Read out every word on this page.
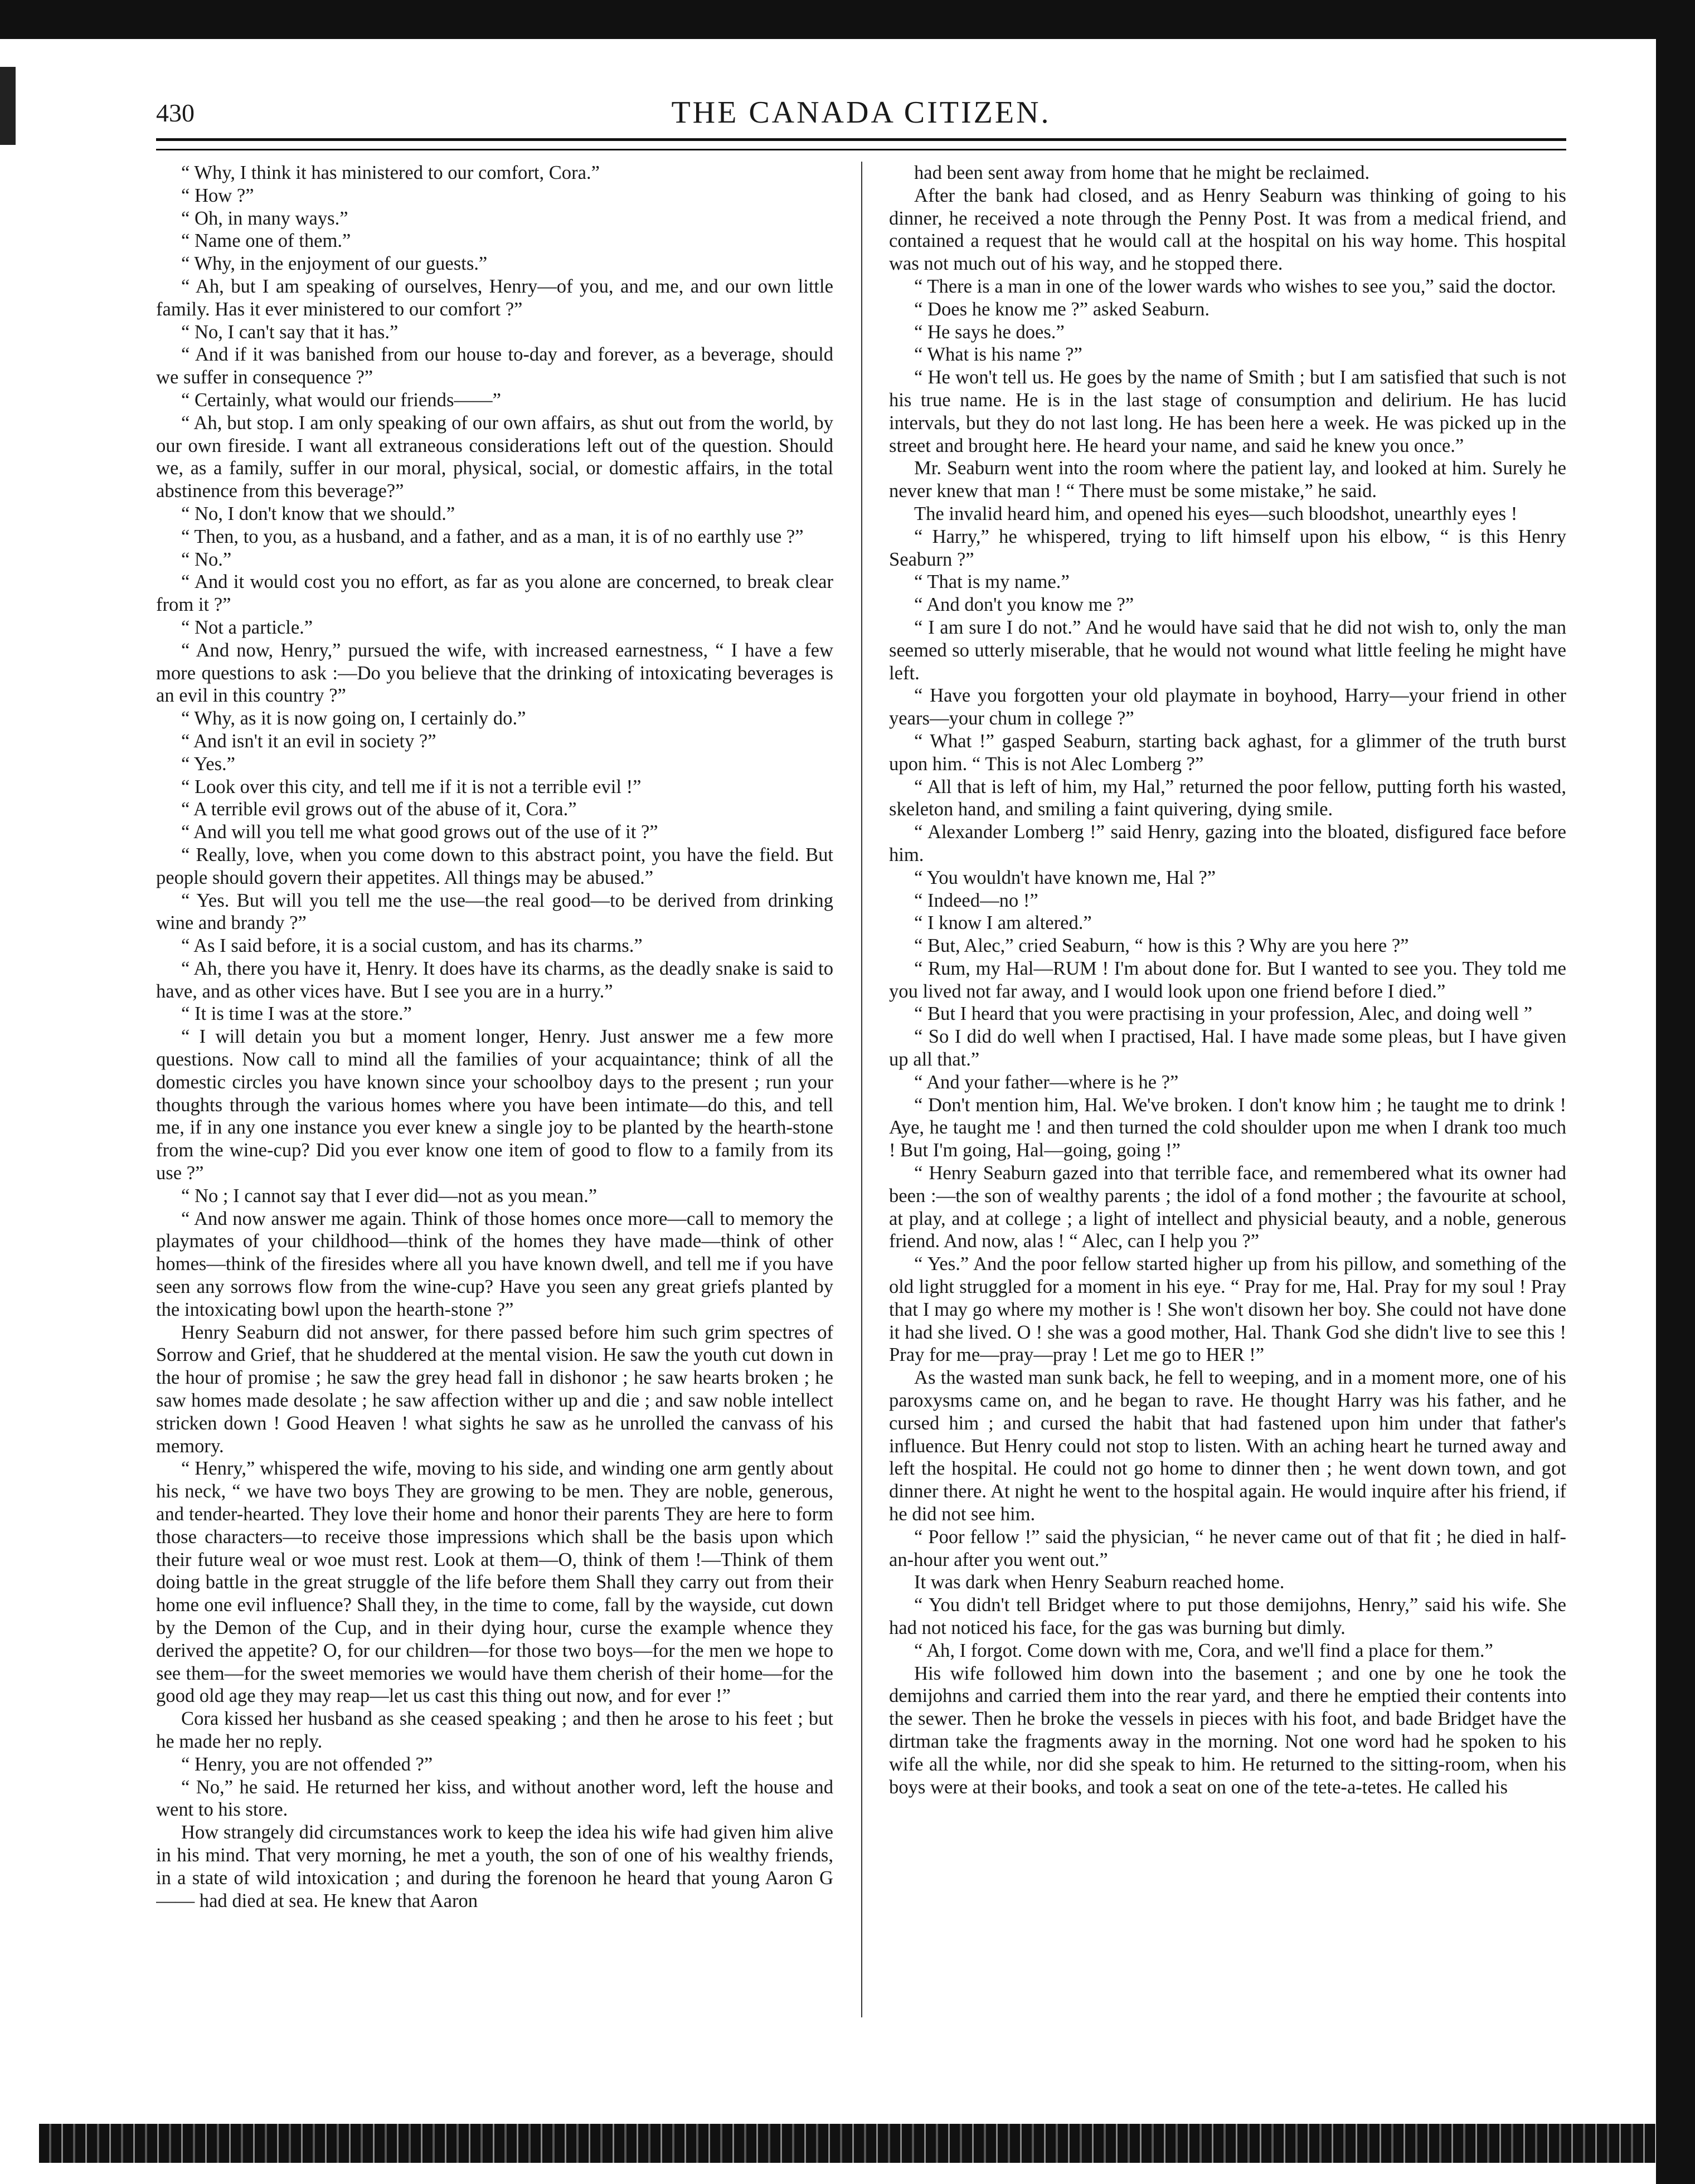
430	THE CANADA CITIZEN.

“ Why, I think it has ministered to our comfort, Cora.”

“ How ?”

“ Oh, in many ways.”

“ Name one of them.”

“ Why, in the enjoyment of our guests.”

“ Ah, but I am speaking of ourselves, Henry—of you, and me, and our own little family. Has it ever ministered to our comfort ?”

“ No, I can't say that it has.”

“ And if it was banished from our house to-day and forever, as a beverage, should we suffer in consequence ?”

“ Certainly, what would our friends——”

“ Ah, but stop. I am only speaking of our own affairs, as shut out from the world, by our own fireside. I want all extraneous considerations left out of the question. Should we, as a family, suffer in our moral, physical, social, or domestic affairs, in the total abstinence from this beverage?”

“ No, I don't know that we should.”

“ Then, to you, as a husband, and a father, and as a man, it is of no earthly use ?”

“ No.”

“ And it would cost you no effort, as far as you alone are concerned, to break clear from it ?”

“ Not a particle.”

“ And now, Henry,” pursued the wife, with increased earnestness, “ I have a few more questions to ask :—Do you believe that the drinking of intoxicating beverages is an evil in this country ?”

“ Why, as it is now going on, I certainly do.”

“ And isn't it an evil in society ?”

“ Yes.”

“ Look over this city, and tell me if it is not a terrible evil !”

“ A terrible evil grows out of the abuse of it, Cora.”

“ And will you tell me what good grows out of the use of it ?”

“ Really, love, when you come down to this abstract point, you have the field. But people should govern their appetites. All things may be abused.”

“ Yes. But will you tell me the use—the real good—to be derived from drinking wine and brandy ?”

“ As I said before, it is a social custom, and has its charms.”

“ Ah, there you have it, Henry. It does have its charms, as the deadly snake is said to have, and as other vices have. But I see you are in a hurry.”

“ It is time I was at the store.”

“ I will detain you but a moment longer, Henry. Just answer me a few more questions. Now call to mind all the families of your acquaintance; think of all the domestic circles you have known since your schoolboy days to the present ; run your thoughts through the various homes where you have been intimate—do this, and tell me, if in any one instance you ever knew a single joy to be planted by the hearth-stone from the wine-cup? Did you ever know one item of good to flow to a family from its use ?”

“ No ; I cannot say that I ever did—not as you mean.”

“ And now answer me again. Think of those homes once more—call to memory the playmates of your childhood—think of the homes they have made—think of other homes—think of the firesides where all you have known dwell, and tell me if you have seen any sorrows flow from the wine-cup? Have you seen any great griefs planted by the intoxicating bowl upon the hearth-stone ?”

Henry Seaburn did not answer, for there passed before him such grim spectres of Sorrow and Grief, that he shuddered at the mental vision. He saw the youth cut down in the hour of promise ; he saw the grey head fall in dishonor ; he saw hearts broken ; he saw homes made desolate ; he saw affection wither up and die ; and saw noble intellect stricken down ! Good Heaven ! what sights he saw as he unrolled the canvass of his memory.

“ Henry,” whispered the wife, moving to his side, and winding one arm gently about his neck, “ we have two boys They are growing to be men. They are noble, generous, and tender-hearted. They love their home and honor their parents They are here to form those characters—to receive those impressions which shall be the basis upon which their future weal or woe must rest. Look at them—O, think of them !—Think of them doing battle in the great struggle of the life before them Shall they carry out from their home one evil influence? Shall they, in the time to come, fall by the wayside, cut down by the Demon of the Cup, and in their dying hour, curse the example whence they derived the appetite? O, for our children—for those two boys—for the men we hope to see them—for the sweet memories we would have them cherish of their home—for the good old age they may reap—let us cast this thing out now, and for ever !”

Cora kissed her husband as she ceased speaking ; and then he arose to his feet ; but he made her no reply.

“ Henry, you are not offended ?”

“ No,” he said. He returned her kiss, and without another word, left the house and went to his store.

How strangely did circumstances work to keep the idea his wife had given him alive in his mind. That very morning, he met a youth, the son of one of his wealthy friends, in a state of wild intoxication ; and during the forenoon he heard that young Aaron G—— had died at sea. He knew that Aaron

had been sent away from home that he might be reclaimed.

After the bank had closed, and as Henry Seaburn was thinking of going to his dinner, he received a note through the Penny Post. It was from a medical friend, and contained a request that he would call at the hospital on his way home. This hospital was not much out of his way, and he stopped there.

“ There is a man in one of the lower wards who wishes to see you,” said the doctor.

“ Does he know me ?” asked Seaburn.

“ He says he does.”

“ What is his name ?”

“ He won't tell us. He goes by the name of Smith ; but I am satisfied that such is not his true name. He is in the last stage of consumption and delirium. He has lucid intervals, but they do not last long. He has been here a week. He was picked up in the street and brought here. He heard your name, and said he knew you once.”

Mr. Seaburn went into the room where the patient lay, and looked at him. Surely he never knew that man ! “ There must be some mistake,” he said.

The invalid heard him, and opened his eyes—such bloodshot, unearthly eyes !

“ Harry,” he whispered, trying to lift himself upon his elbow, “ is this Henry Seaburn ?”

“ That is my name.”

“ And don't you know me ?”

“ I am sure I do not.” And he would have said that he did not wish to, only the man seemed so utterly miserable, that he would not wound what little feeling he might have left.

“ Have you forgotten your old playmate in boyhood, Harry—your friend in other years—your chum in college ?”

“ What !” gasped Seaburn, starting back aghast, for a glimmer of the truth burst upon him. “ This is not Alec Lomberg ?”

“ All that is left of him, my Hal,” returned the poor fellow, putting forth his wasted, skeleton hand, and smiling a faint quivering, dying smile.

“ Alexander Lomberg !” said Henry, gazing into the bloated, disfigured face before him.

“ You wouldn't have known me, Hal ?”

“ Indeed—no !”

“ I know I am altered.”

“ But, Alec,” cried Seaburn, “ how is this ? Why are you here ?”

“ Rum, my Hal—RUM ! I'm about done for. But I wanted to see you. They told me you lived not far away, and I would look upon one friend before I died.”

“ But I heard that you were practising in your profession, Alec, and doing well ”

“ So I did do well when I practised, Hal. I have made some pleas, but I have given up all that.”

“ And your father—where is he ?”

“ Don't mention him, Hal. We've broken. I don't know him ; he taught me to drink ! Aye, he taught me ! and then turned the cold shoulder upon me when I drank too much ! But I'm going, Hal—going, going !”

“ Henry Seaburn gazed into that terrible face, and remembered what its owner had been :—the son of wealthy parents ; the idol of a fond mother ; the favourite at school, at play, and at college ; a light of intellect and physicial beauty, and a noble, generous friend. And now, alas ! “ Alec, can I help you ?”

“ Yes.” And the poor fellow started higher up from his pillow, and something of the old light struggled for a moment in his eye. “ Pray for me, Hal. Pray for my soul ! Pray that I may go where my mother is ! She won't disown her boy. She could not have done it had she lived. O ! she was a good mother, Hal. Thank God she didn't live to see this ! Pray for me—pray—pray ! Let me go to HER !”

As the wasted man sunk back, he fell to weeping, and in a moment more, one of his paroxysms came on, and he began to rave. He thought Harry was his father, and he cursed him ; and cursed the habit that had fastened upon him under that father's influence. But Henry could not stop to listen. With an aching heart he turned away and left the hospital. He could not go home to dinner then ; he went down town, and got dinner there. At night he went to the hospital again. He would inquire after his friend, if he did not see him.

“ Poor fellow !” said the physician, “ he never came out of that fit ; he died in half-an-hour after you went out.”

It was dark when Henry Seaburn reached home.

“ You didn't tell Bridget where to put those demijohns, Henry,” said his wife. She had not noticed his face, for the gas was burning but dimly.

“ Ah, I forgot. Come down with me, Cora, and we'll find a place for them.”

His wife followed him down into the basement ; and one by one he took the demijohns and carried them into the rear yard, and there he emptied their contents into the sewer. Then he broke the vessels in pieces with his foot, and bade Bridget have the dirtman take the fragments away in the morning. Not one word had he spoken to his wife all the while, nor did she speak to him. He returned to the sitting-room, when his boys were at their books, and took a seat on one of the tete-a-tetes. He called his
